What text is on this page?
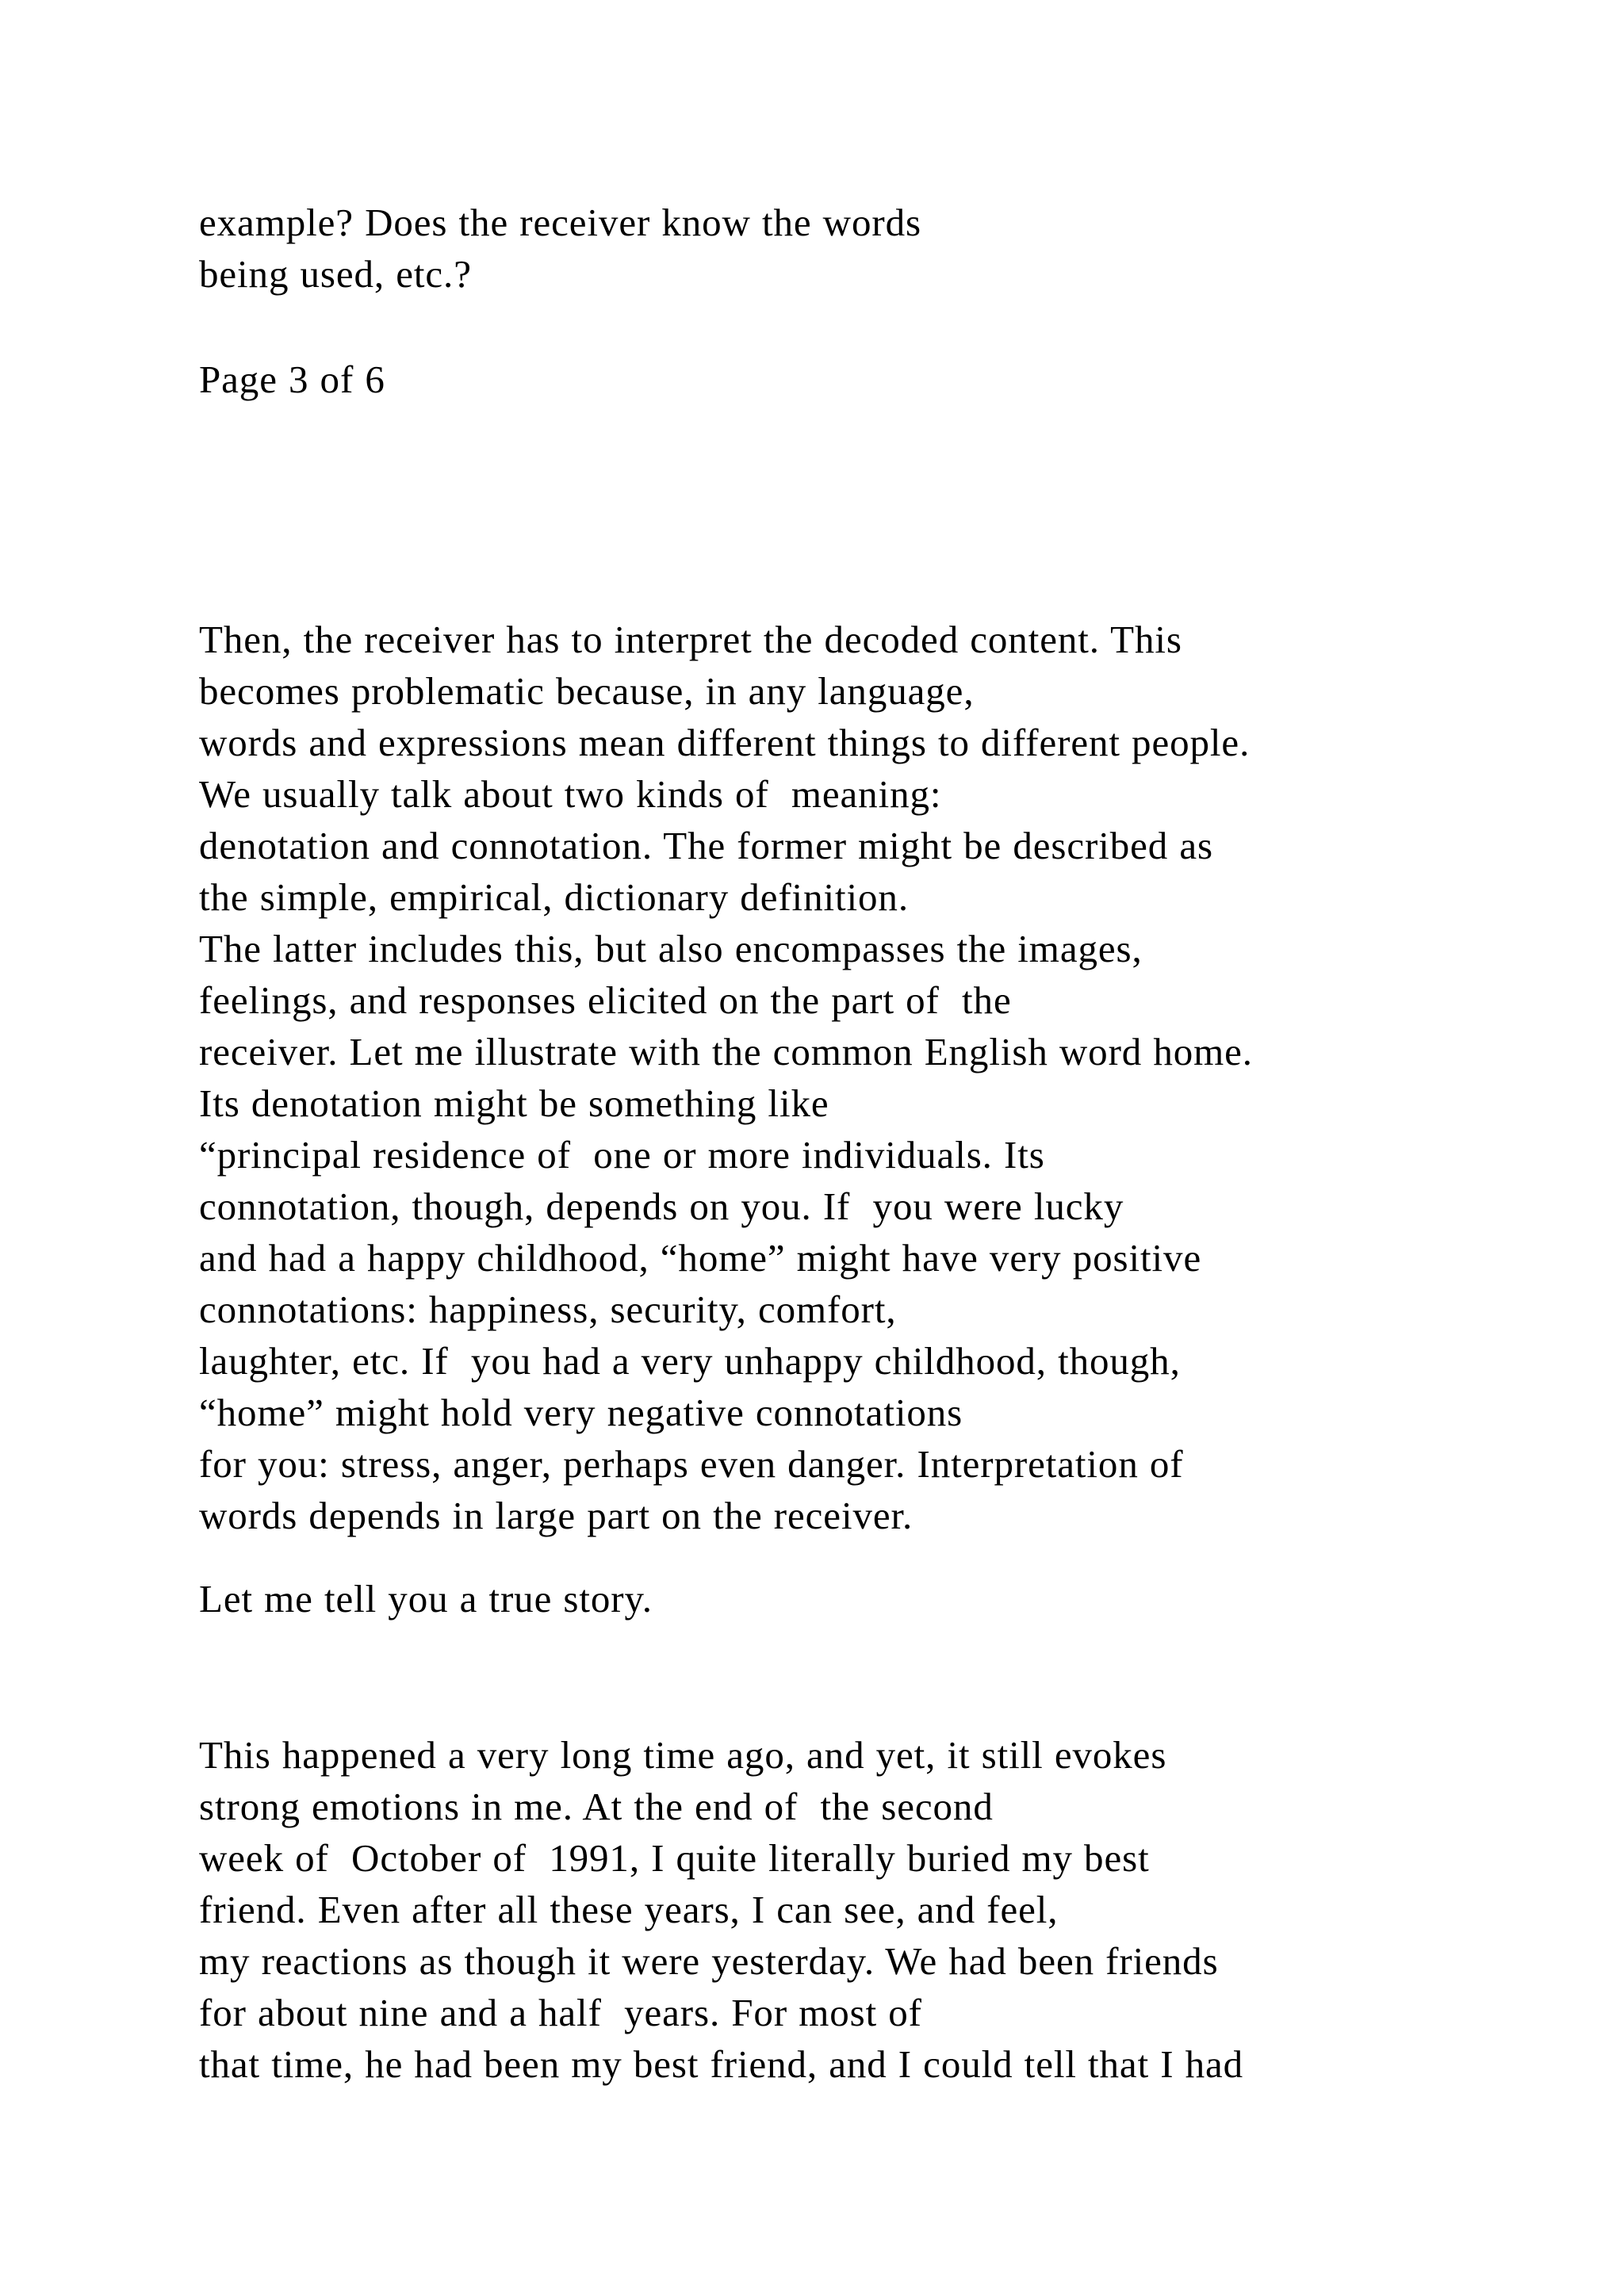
example? Does the receiver know the words
being used, etc.?
Page 3 of 6
Then, the receiver has to interpret the decoded content. This
becomes problematic because, in any language,
words and expressions mean different things to different people.
We usually talk about two kinds of  meaning:
denotation and connotation. The former might be described as
the simple, empirical, dictionary definition.
The latter includes this, but also encompasses the images,
feelings, and responses elicited on the part of  the
receiver. Let me illustrate with the common English word home.
Its denotation might be something like
“principal residence of  one or more individuals. Its
connotation, though, depends on you. If  you were lucky
and had a happy childhood, “home” might have very positive
connotations: happiness, security, comfort,
laughter, etc. If  you had a very unhappy childhood, though,
“home” might hold very negative connotations
for you: stress, anger, perhaps even danger. Interpretation of
words depends in large part on the receiver.
Let me tell you a true story.
This happened a very long time ago, and yet, it still evokes
strong emotions in me. At the end of  the second
week of  October of  1991, I quite literally buried my best
friend. Even after all these years, I can see, and feel,
my reactions as though it were yesterday. We had been friends
for about nine and a half  years. For most of
that time, he had been my best friend, and I could tell that I had
